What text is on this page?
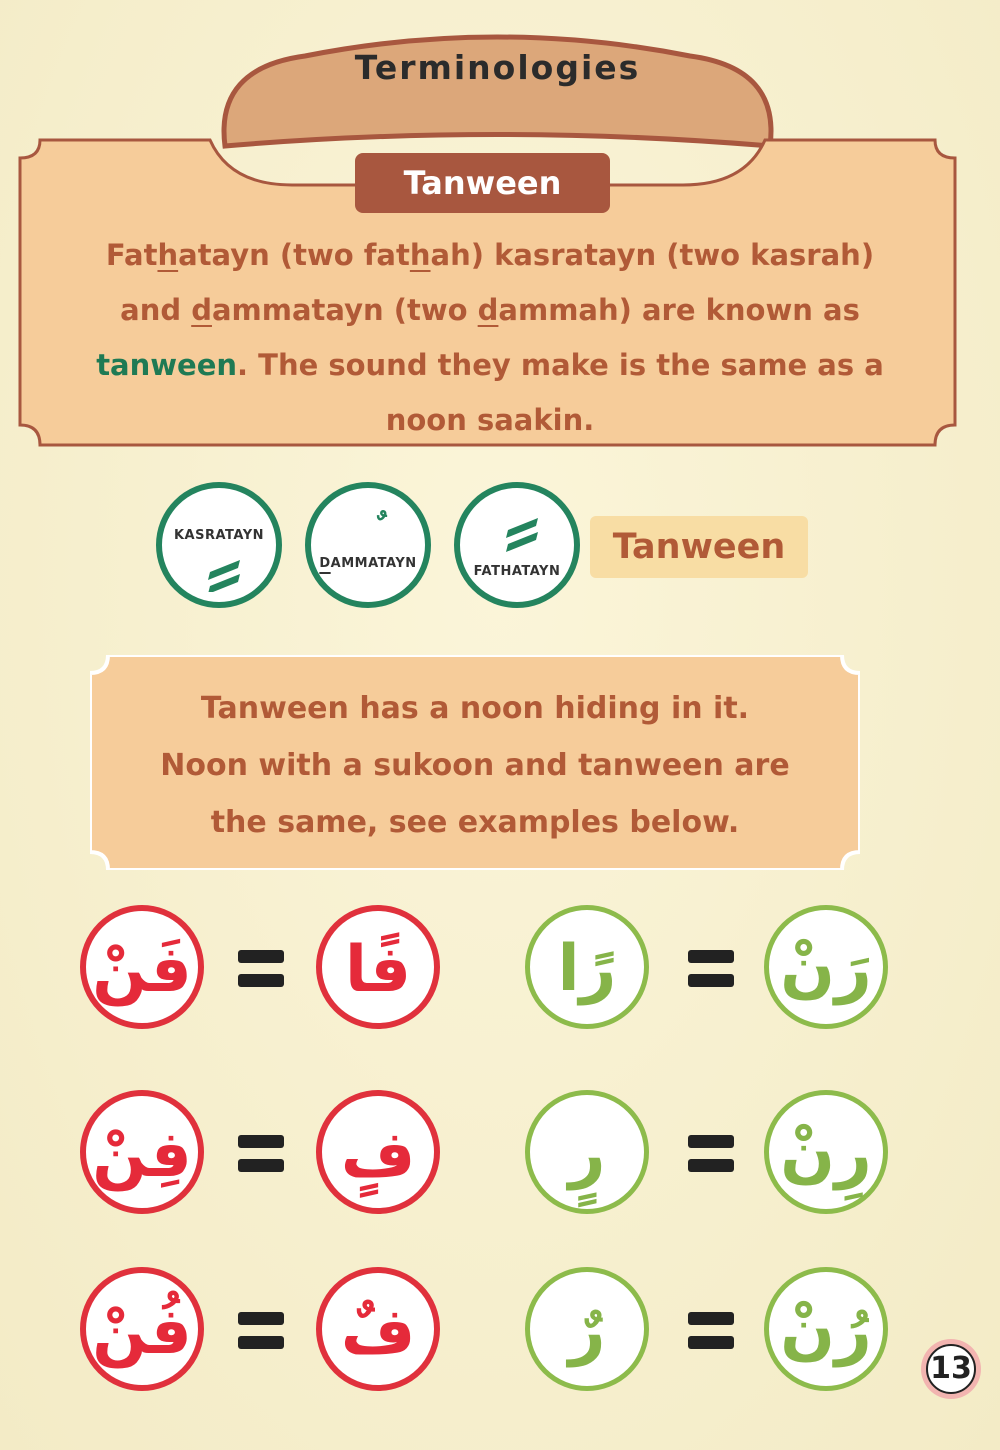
Terminologies
Tanween
Fathatayn (two fathah) kasratayn (two kasrah)
and dammatayn (two dammah) are known as
tanween. The sound they make is the same as a
noon saakin.
KASRATAYN
DAMMATAYN
FATHATAYN
Tanween
Tanween has a noon hiding in it.
Noon with a sukoon and tanween are
the same, see examples below.
فَنْ	فًا	رًا	رَنْ
فِنْ	فٍ	رٍ	رِنْ
فُنْ	فٌ	رٌ	رُنْ
13
